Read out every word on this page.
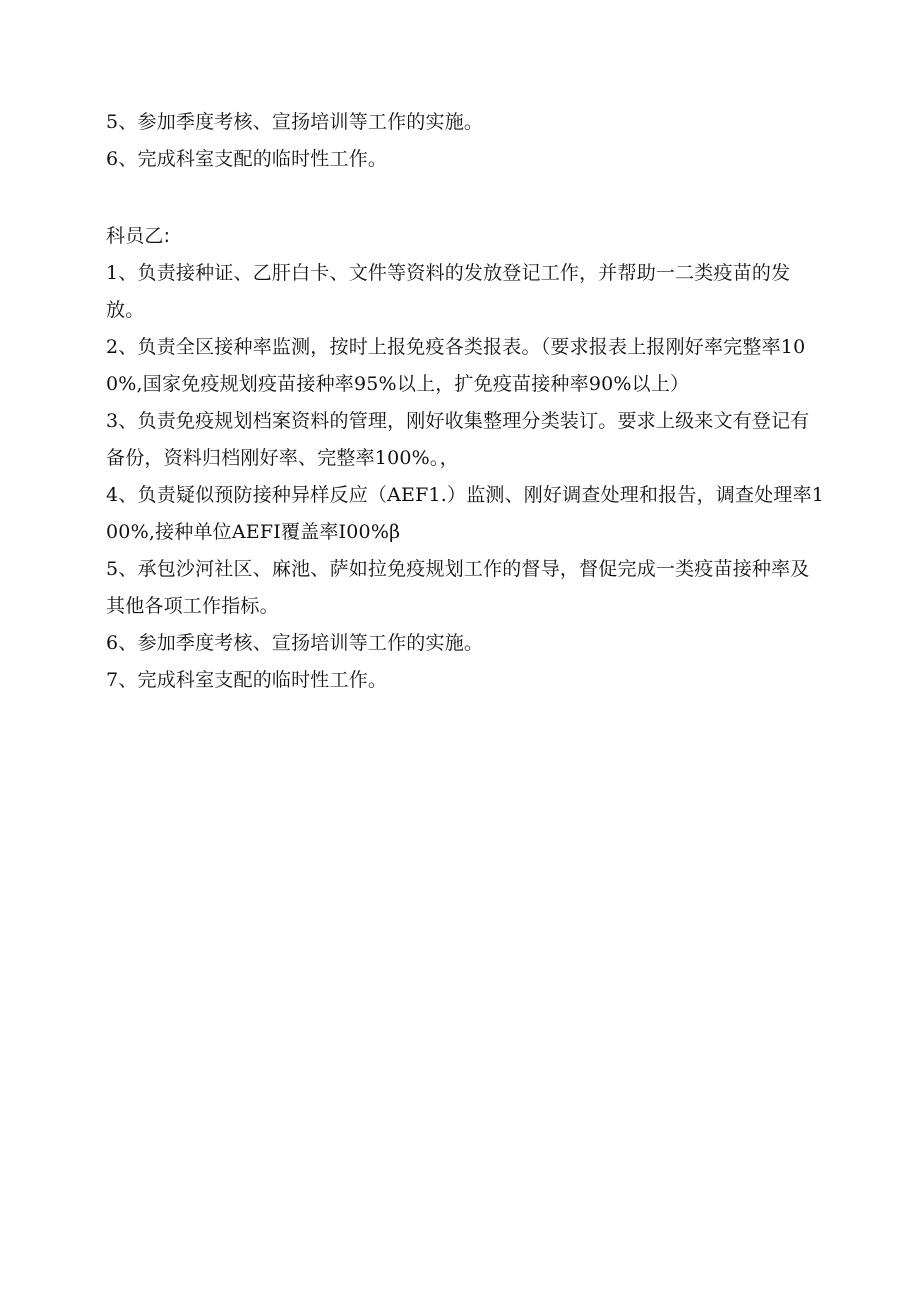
5、参加季度考核、宣扬培训等工作的实施。
6、完成科室支配的临时性工作。
科员乙:
1、负责接种证、乙肝白卡、文件等资料的发放登记工作，并帮助一二类疫苗的发放。
2、负责全区接种率监测，按时上报免疫各类报表。（要求报表上报刚好率完整率100%,国家免疫规划疫苗接种率95%以上，扩免疫苗接种率90%以上）
3、负责免疫规划档案资料的管理，刚好收集整理分类装订。要求上级来文有登记有备份，资料归档刚好率、完整率100%。，
4、负责疑似预防接种异样反应（AEF1.）监测、刚好调查处理和报告，调查处理率100%,接种单位AEFI覆盖率I00%β
5、承包沙河社区、麻池、萨如拉免疫规划工作的督导，督促完成一类疫苗接种率及其他各项工作指标。
6、参加季度考核、宣扬培训等工作的实施。
7、完成科室支配的临时性工作。
